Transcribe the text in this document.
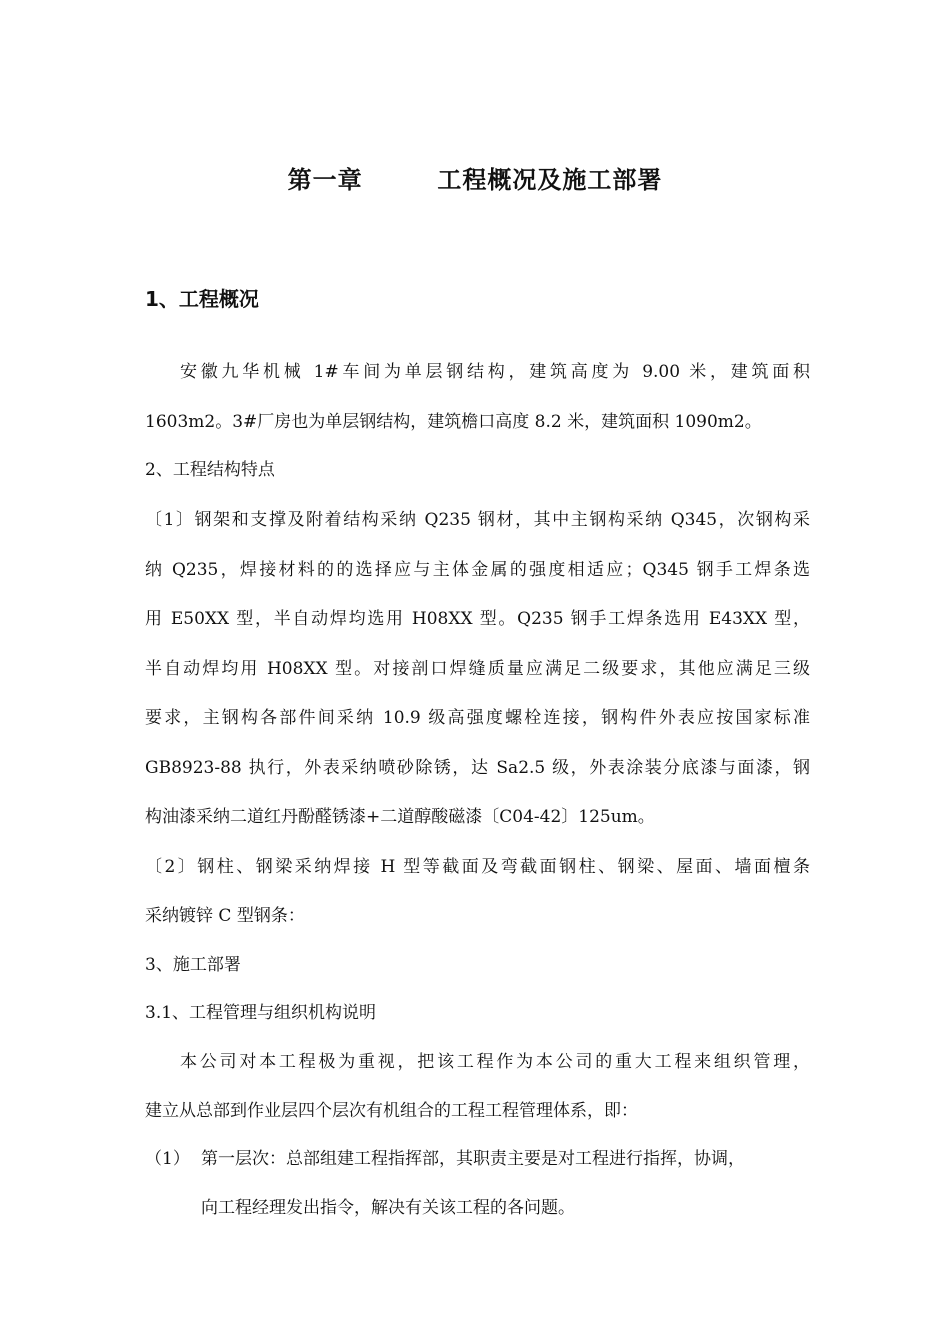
第一章	工程概况及施工部署
1、工程概况
安徽九华机械 1#车间为单层钢结构，建筑高度为 9.00 米，建筑面积
1603m2。3#厂房也为单层钢结构，建筑檐口高度 8.2 米，建筑面积 1090m2。
2、工程结构特点
〔1〕钢架和支撑及附着结构采纳 Q235 钢材，其中主钢构采纳 Q345，次钢构采
纳 Q235，焊接材料的的选择应与主体金属的强度相适应；Q345 钢手工焊条选
用 E50XX 型，半自动焊均选用 H08XX 型。Q235 钢手工焊条选用 E43XX 型，
半自动焊均用 H08XX 型。对接剖口焊缝质量应满足二级要求，其他应满足三级
要求，主钢构各部件间采纳 10.9 级高强度螺栓连接，钢构件外表应按国家标准
GB8923-88 执行，外表采纳喷砂除锈，达 Sa2.5 级，外表涂装分底漆与面漆，钢
构油漆采纳二道红丹酚醛锈漆+二道醇酸磁漆〔C04-42〕125um。
〔2〕钢柱、钢梁采纳焊接 H 型等截面及弯截面钢柱、钢梁、屋面、墙面檀条
采纳镀锌 C 型钢条：
3、施工部署
3.1、工程管理与组织机构说明
本公司对本工程极为重视，把该工程作为本公司的重大工程来组织管理，
建立从总部到作业层四个层次有机组合的工程工程管理体系，即：
（1） 第一层次：总部组建工程指挥部，其职责主要是对工程进行指挥，协调，
向工程经理发出指令，解决有关该工程的各问题。
